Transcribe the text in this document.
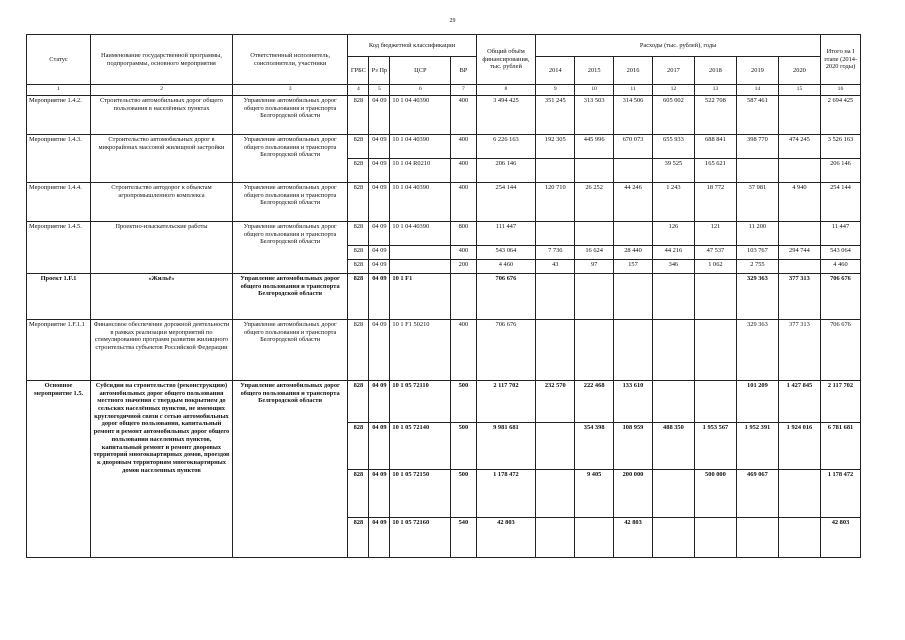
29
Статус	Наименование государственной программы, подпрограммы, основного мероприятия	Ответственный исполнитель, соисполнители, участники	Код бюджетной классификации				Общий объём финансирования, тыс. рублей	Расходы (тыс. рублей), годы							Итого на I этапе (2014-2020 годы)
			ГРБС	Рз Пр	ЦСР	ВР		2014	2015	2016	2017	2018	2019	2020	
1	2	3	4	5	6	7	8	9	10	11	12	13	14	15	16
Мероприятие 1.4.2.	Строительство автомобильных дорог общего пользования в населённых пунктах	Управление автомобильных дорог общего пользования и транспорта Белгородской области	828	04 09	10 1 04 40390	400	3 494 425	351 245	313 503	314 506	605 002	522 708	587 461		2 694 425
Мероприятие 1.4.3.	Строительство автомобильных дорог в микрорайонах массовой жилищной застройки	Управление автомобильных дорог общего пользования и транспорта Белгородской области	828	04 09	10 1 04 40390	400	6 226 163	192 305	445 996	670 073	655 933	688 841	398 770	474 245	3 526 163
			828	04 09	10 1 04 R0210	400	206 146				39 525	165 621			206 146
Мероприятие 1.4.4.	Строительство автодорог к объектам агропромышленного комплекса	Управление автомобильных дорог общего пользования и транспорта Белгородской области	828	04 09	10 1 04 40390	400	254 144	120 710	26 252	44 246	1 243	18 772	37 981	4 940	254 144
Мероприятие 1.4.5.	Проектно-изыскательские работы	Управление автомобильных дорог общего пользования и транспорта Белгородской области	828	04 09	10 1 04 40390	800	111 447				126	121	11 200		11 447
			828	04 09		400	543 064	7 736	16 624	28 440	44 216	47 537	103 767	294 744	543 064
			828	04 09		200	4 460	43	97	157	346	1 062	2 755		4 460
Проект 1.F.1	«Жильё»	Управление автомобильных дорог общего пользования и транспорта Белгородской области	828	04 09	10 1 F1		706 676						329 363	377 313	706 676
Мероприятие 1.F.1.1	Финансовое обеспечение дорожной деятельности в рамках реализации мероприятий по стимулированию программ развития жилищного строительства субъектов Российской Федерации	Управление автомобильных дорог общего пользования и транспорта Белгородской области	828	04 09	10 1 F1 50210	400	706 676						329 363	377 313	706 676
Основное мероприятие 1.5.	Субсидии на строительство (реконструкцию) автомобильных дорог общего пользования местного значения с твердым покрытием до сельских населённых пунктов, не имеющих круглогодичной связи с сетью автомобильных дорог общего пользования, капитальный ремонт и ремонт автомобильных дорог общего пользования населенных пунктов, капитальный ремонт и ремонт дворовых территорий многоквартирных домов, проездов к дворовым территориям многоквартирных домов населенных пунктов	Управление автомобильных дорог общего пользования и транспорта Белгородской области	828	04 09	10 1 05 72110	500	2 117 702	232 570	222 468	133 610			101 209	1 427 845	2 117 702
			828	04 09	10 1 05 72140	500	9 981 681		354 398	108 959	488 350	1 953 567	1 952 391	1 924 016	6 781 681
			828	04 09	10 1 05 72150	500	1 178 472		9 405	200 000		500 000	469 067		1 178 472
			828	04 09	10 1 05 72160	540	42 803			42 803					42 803
